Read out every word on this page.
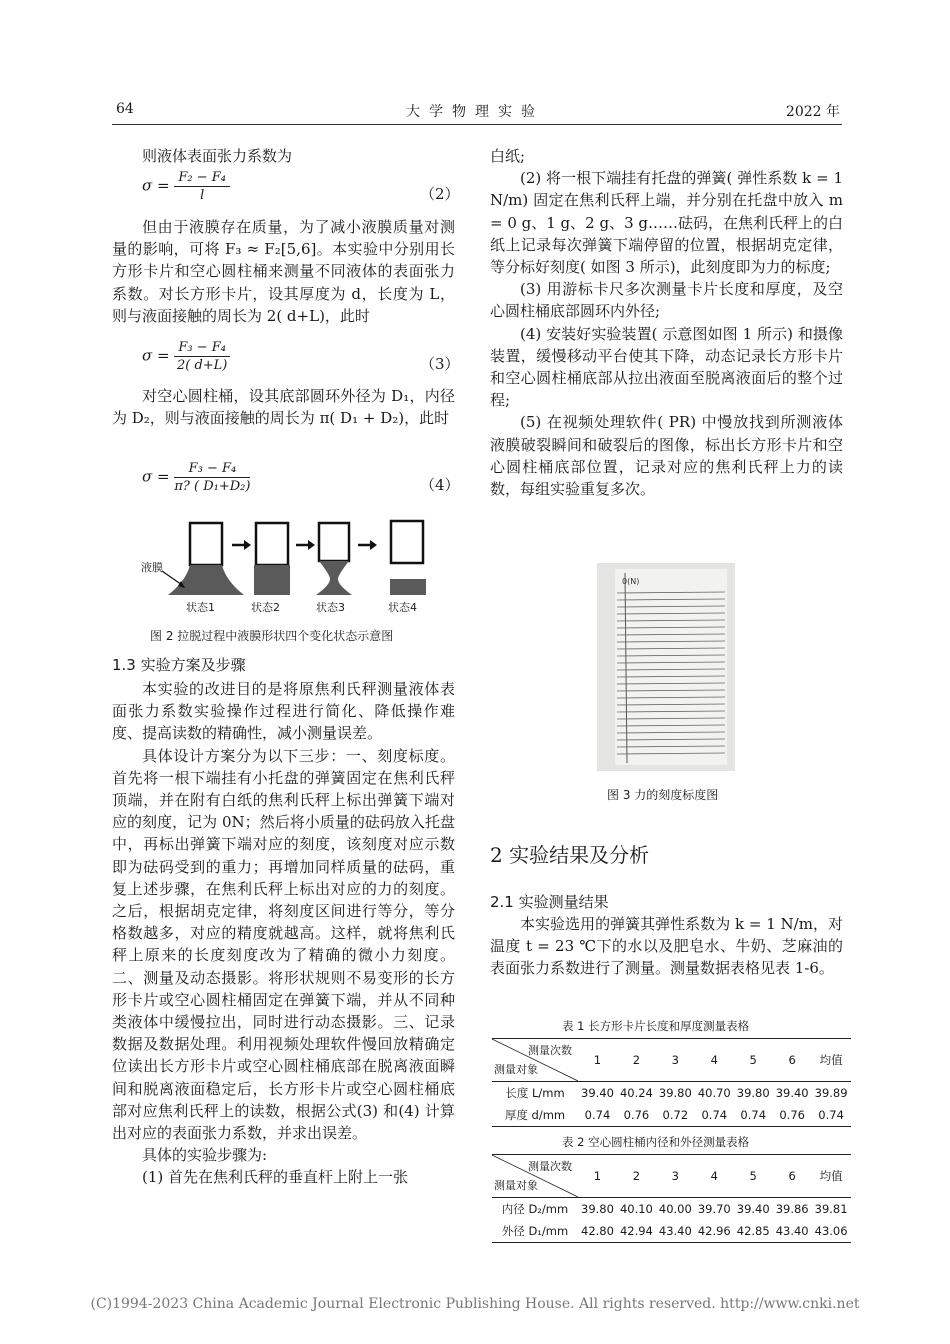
64	大学物理实验	2022 年

则液体表面张力系数为

$\sigma = \frac{\text{F₂ − F₄}}{l}$	（2）

但由于液膜存在质量，为了减小液膜质量对测量的影响，可将 F₃ ≈ F₂[5,6]。本实验中分别用长方形卡片和空心圆柱桶来测量不同液体的表面张力系数。对长方形卡片，设其厚度为 d，长度为 L，则与液面接触的周长为 2( d+L)，此时

$\sigma = \frac{\text{F₃ − F₄}}{2( d+L)}$	（3）

对空心圆柱桶，设其底部圆环外径为 D₁，内径为 D₂，则与液面接触的周长为 π( D₁ + D₂)，此时

$\sigma = \frac{\text{F₃ − F₄}}{\text{π? ( D₁+D₂)}}$	（4）
液膜
状态1	状态2	状态3	状态4
图 2 拉脱过程中液膜形状四个变化状态示意图
1.3 实验方案及步骤

本实验的改进目的是将原焦利氏秤测量液体表面张力系数实验操作过程进行简化、降低操作难度、提高读数的精确性，减小测量误差。

具体设计方案分为以下三步：一、刻度标度。首先将一根下端挂有小托盘的弹簧固定在焦利氏秤顶端，并在附有白纸的焦利氏秤上标出弹簧下端对应的刻度，记为 0N；然后将小质量的砝码放入托盘中，再标出弹簧下端对应的刻度，该刻度对应示数即为砝码受到的重力；再增加同样质量的砝码，重复上述步骤，在焦利氏秤上标出对应的力的刻度。之后，根据胡克定律，将刻度区间进行等分，等分格数越多，对应的精度就越高。这样，就将焦利氏秤上原来的长度刻度改为了精确的微小力刻度。二、测量及动态摄影。将形状规则不易变形的长方形卡片或空心圆柱桶固定在弹簧下端，并从不同种类液体中缓慢拉出，同时进行动态摄影。三、记录数据及数据处理。利用视频处理软件慢回放精确定位读出长方形卡片或空心圆柱桶底部在脱离液面瞬间和脱离液面稳定后，长方形卡片或空心圆柱桶底部对应焦利氏秤上的读数，根据公式(3) 和(4) 计算出对应的表面张力系数，并求出误差。

具体的实验步骤为:

(1) 首先在焦利氏秤的垂直杆上附上一张

白纸;

(2) 将一根下端挂有托盘的弹簧( 弹性系数 k = 1 N/m) 固定在焦利氏秤上端，并分别在托盘中放入 m = 0 g、1 g、2 g、3 g……砝码，在焦利氏秤上的白纸上记录每次弹簧下端停留的位置，根据胡克定律，等分标好刻度( 如图 3 所示)，此刻度即为力的标度;

(3) 用游标卡尺多次测量卡片长度和厚度，及空心圆柱桶底部圆环内外径;

(4) 安装好实验装置( 示意图如图 1 所示) 和摄像装置，缓慢移动平台使其下降，动态记录长方形卡片和空心圆柱桶底部从拉出液面至脱离液面后的整个过程;

(5) 在视频处理软件( PR) 中慢放找到所测液体液膜破裂瞬间和破裂后的图像，标出长方形卡片和空心圆柱桶底部位置，记录对应的焦利氏秤上力的读数，每组实验重复多次。

0(N)
图 3 力的刻度标度图
2 实验结果及分析
2.1 实验测量结果

本实验选用的弹簧其弹性系数为 k = 1 N/m，对温度 t = 23 ℃下的水以及肥皂水、牛奶、芝麻油的表面张力系数进行了测量。测量数据表格见表 1-6。

表 1 长方形卡片长度和厚度测量表格
测量次数
测量对象	1	2	3	4	5	6	均值
长度 L/mm	39.40	40.24	39.80	40.70	39.80	39.40	39.89
厚度 d/mm	0.74	0.76	0.72	0.74	0.74	0.76	0.74
表 2 空心圆柱桶内径和外径测量表格
测量次数
测量对象	1	2	3	4	5	6	均值
内径 D₂/mm	39.80	40.10	40.00	39.70	39.40	39.86	39.81
外径 D₁/mm	42.80	42.94	43.40	42.96	42.85	43.40	43.06
(C)1994-2023 China Academic Journal Electronic Publishing House. All rights reserved. http://www.cnki.net
